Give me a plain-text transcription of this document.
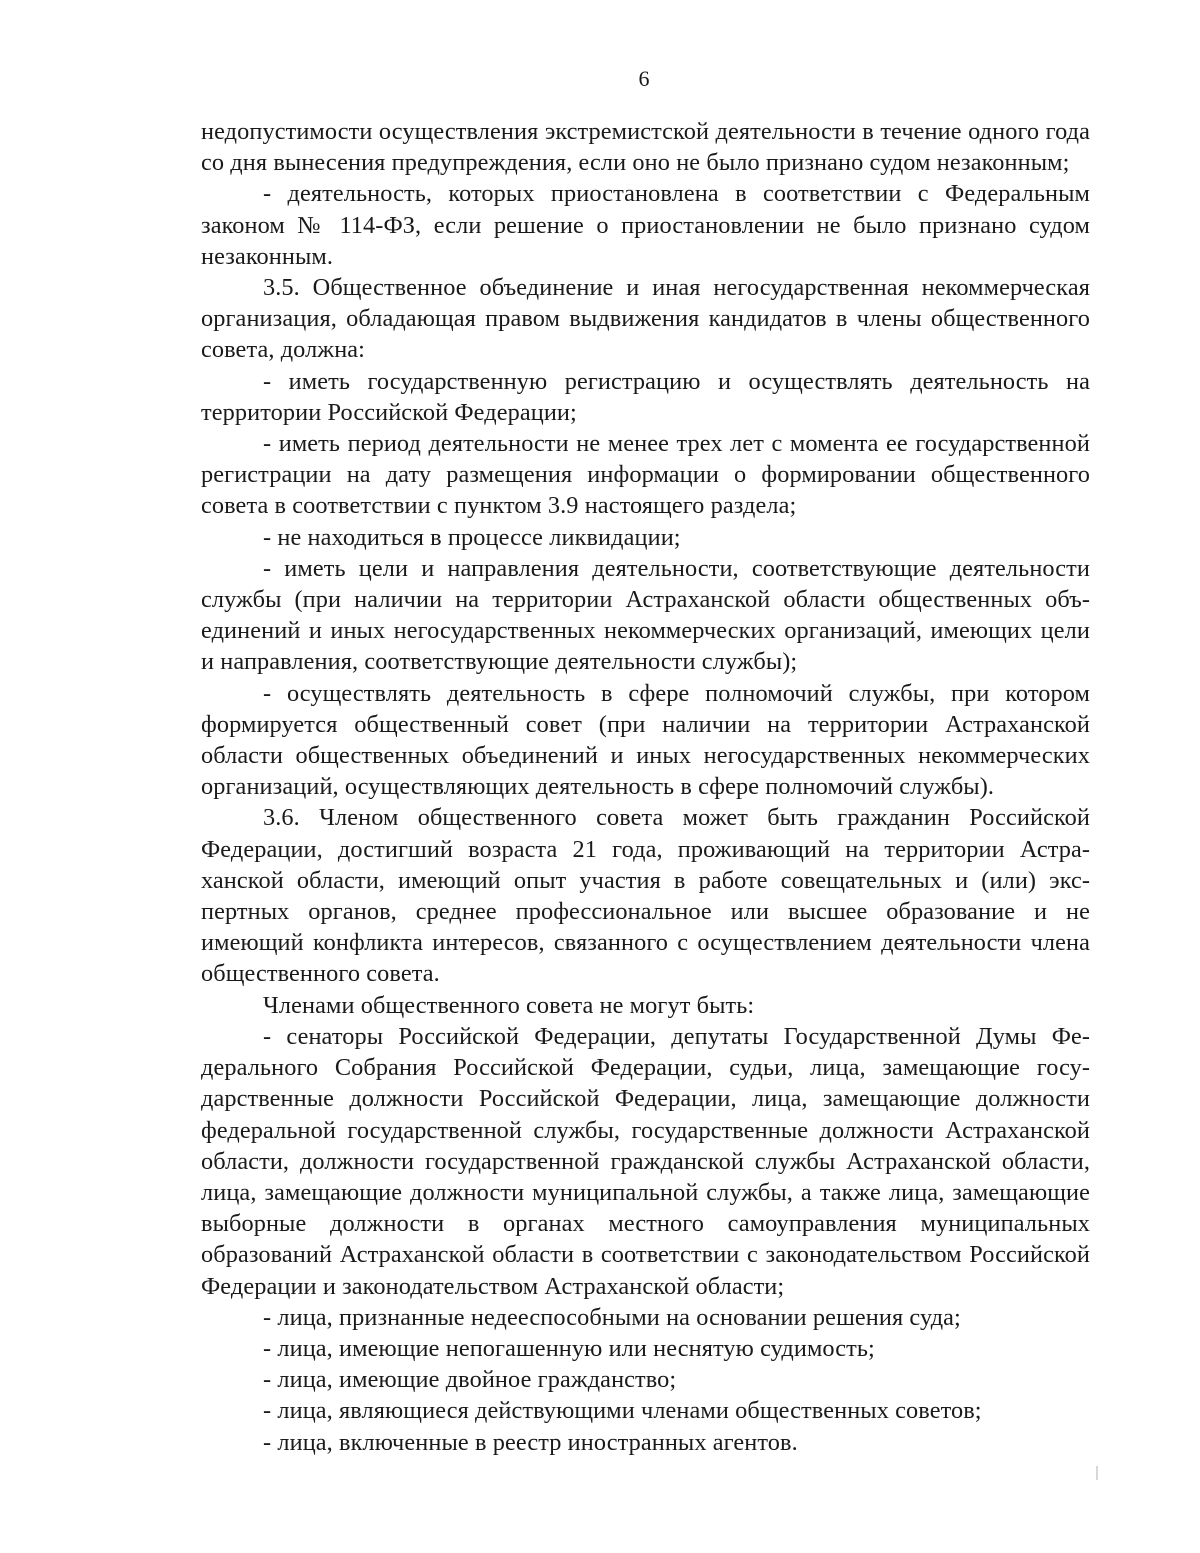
6

недопустимости осуществления экстремистской деятельности в течение одного года со дня вынесения предупреждения, если оно не было признано судом незаконным;

- деятельность, которых приостановлена в соответствии с Федеральным законом № 114-ФЗ, если решение о приостановлении не было признано судом незаконным.

3.5. Общественное объединение и иная негосударственная некоммерческая организация, обладающая правом выдвижения кандидатов в члены общественного совета, должна:

- иметь государственную регистрацию и осуществлять деятельность на территории Российской Федерации;

- иметь период деятельности не менее трех лет с момента ее государственной регистрации на дату размещения информации о формировании общественного совета в соответствии с пунктом 3.9 настоящего раздела;

- не находиться в процессе ликвидации;

- иметь цели и направления деятельности, соответствующие деятельности службы (при наличии на территории Астраханской области общественных объединений и иных негосударственных некоммерческих организаций, имеющих цели и направления, соответствующие деятельности службы);

- осуществлять деятельность в сфере полномочий службы, при котором формируется общественный совет (при наличии на территории Астраханской области общественных объединений и иных негосударственных некоммерческих организаций, осуществляющих деятельность в сфере полномочий службы).

3.6. Членом общественного совета может быть гражданин Российской Федерации, достигший возраста 21 года, проживающий на территории Астраханской области, имеющий опыт участия в работе совещательных и (или) экспертных органов, среднее профессиональное или высшее образование и не имеющий конфликта интересов, связанного с осуществлением деятельности члена общественного совета.

Членами общественного совета не могут быть:

- сенаторы Российской Федерации, депутаты Государственной Думы Федерального Собрания Российской Федерации, судьи, лица, замещающие государственные должности Российской Федерации, лица, замещающие должности федеральной государственной службы, государственные должности Астраханской области, должности государственной гражданской службы Астраханской области, лица, замещающие должности муниципальной службы, а также лица, замещающие выборные должности в органах местного самоуправления муниципальных образований Астраханской области в соответствии с законодательством Российской Федерации и законодательством Астраханской области;

- лица, признанные недееспособными на основании решения суда;

- лица, имеющие непогашенную или неснятую судимость;

- лица, имеющие двойное гражданство;

- лица, являющиеся действующими членами общественных советов;

- лица, включенные в реестр иностранных агентов.
